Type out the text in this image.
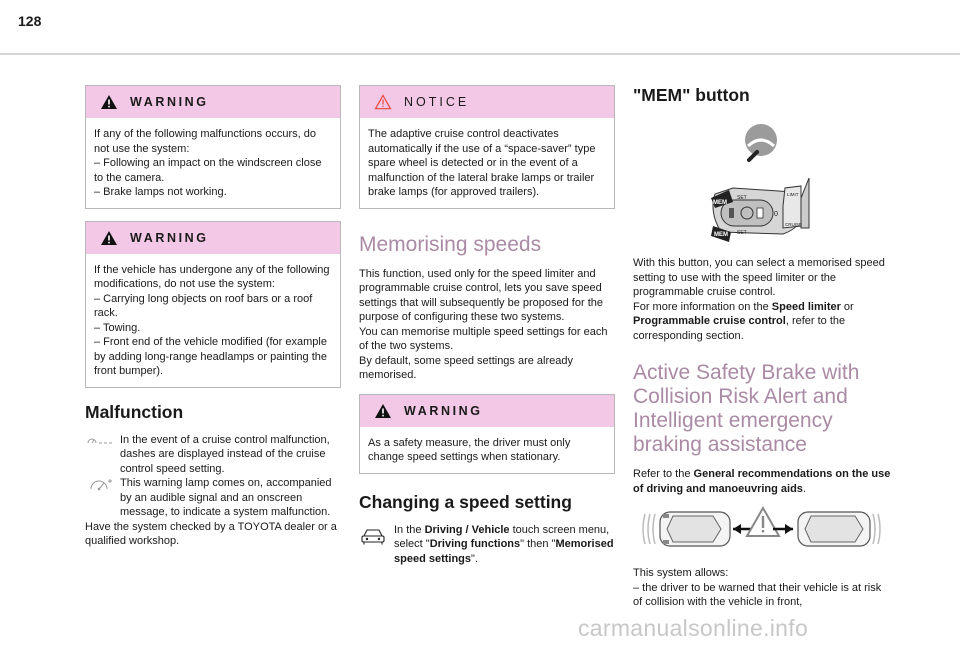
128
WARNING

If any of the following malfunctions occurs, do not use the system:

– Following an impact on the windscreen close to the camera.

– Brake lamps not working.

WARNING

If the vehicle has undergone any of the following modifications, do not use the system:

– Carrying long objects on roof bars or a roof rack.

– Towing.

– Front end of the vehicle modified (for example by adding long-range headlamps or painting the front bumper).

Malfunction

In the event of a cruise control malfunction, dashes are displayed instead of the cruise control speed setting.

This warning lamp comes on, accompanied by an audible signal and an onscreen message, to indicate a system malfunction.

Have the system checked by a TOYOTA dealer or a qualified workshop.

NOTICE

The adaptive cruise control deactivates automatically if the use of a “space-saver” type spare wheel is detected or in the event of a malfunction of the lateral brake lamps or trailer brake lamps (for approved trailers).

Memorising speeds

This function, used only for the speed limiter and programmable cruise control, lets you save speed settings that will subsequently be proposed for the purpose of configuring these two systems.

You can memorise multiple speed settings for each of the two systems.

By default, some speed settings are already memorised.

WARNING

As a safety measure, the driver must only change speed settings when stationary.

Changing a speed setting

In the Driving / Vehicle touch screen menu, select "Driving functions" then "Memorised speed settings".

"MEM" button
MEM
MEM
SET
SET
0
LIMIT
CRUISE

With this button, you can select a memorised speed setting to use with the speed limiter or the programmable cruise control.

For more information on the Speed limiter or Programmable cruise control, refer to the corresponding section.

Active Safety Brake with Collision Risk Alert and Intelligent emergency braking assistance

Refer to the General recommendations on the use of driving and manoeuvring aids.

This system allows:

– the driver to be warned that their vehicle is at risk of collision with the vehicle in front,

carmanualsonline.info
